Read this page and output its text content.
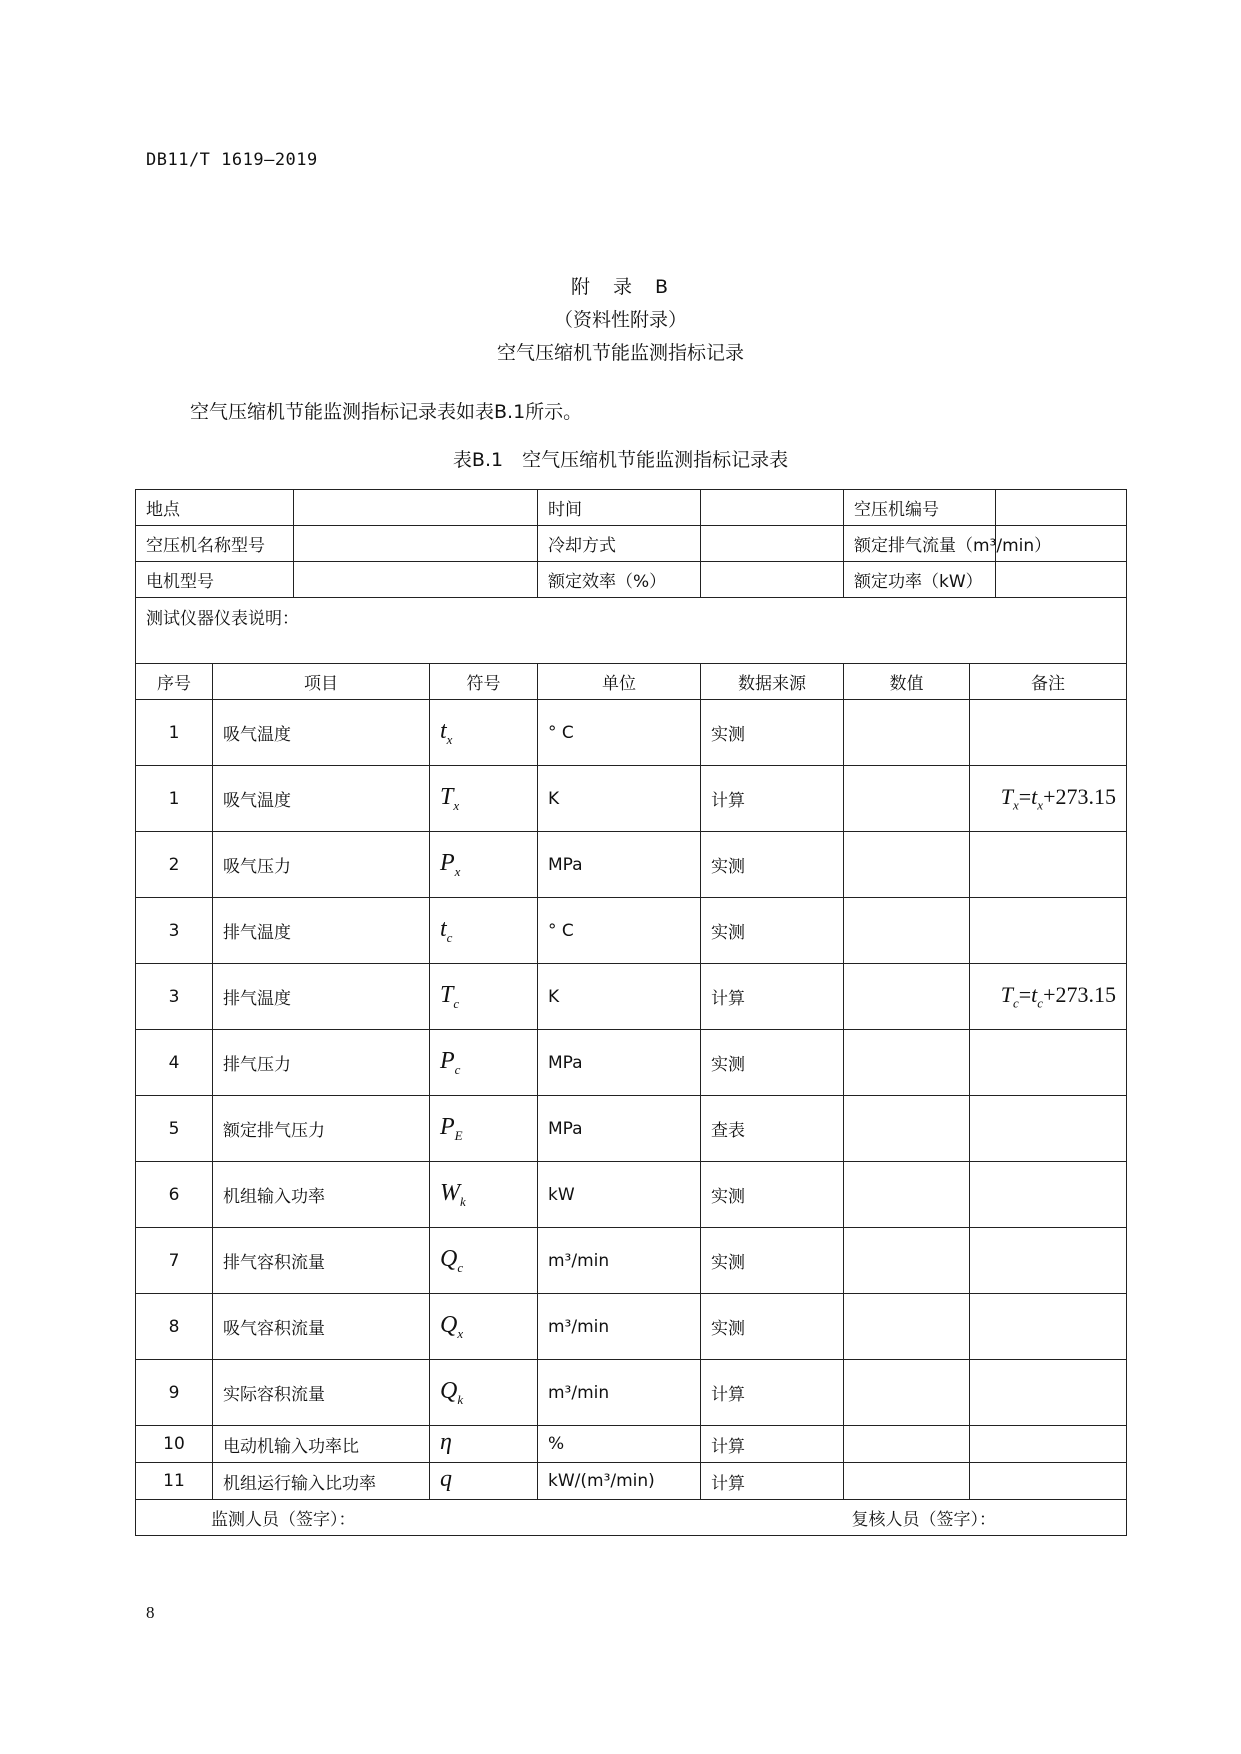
DB11/T 1619—2019
附　录　B
（资料性附录）
空气压缩机节能监测指标记录
空气压缩机节能监测指标记录表如表B.1所示。
表B.1　空气压缩机节能监测指标记录表
地点				时间		空压机编号		
空压机名称型号				冷却方式		额定排气流量（m³/min）		
电机型号				额定效率（%）		额定功率（kW）		
测试仪器仪表说明：								
序号	项目		符号	单位	数据来源	数值	备注	
1	吸气温度		$t_x$	° C	实测			
1	吸气温度		$T_x$	K	计算		$T_x=t_x+273.15$	
2	吸气压力		$P_x$	MPa	实测			
3	排气温度		$t_c$	° C	实测			
3	排气温度		$T_c$	K	计算		$T_c=t_c+273.15$	
4	排气压力		$P_c$	MPa	实测			
5	额定排气压力		$P_E$	MPa	查表			
6	机组输入功率		$W_k$	kW	实测			
7	排气容积流量		$Q_c$	m³/min	实测			
8	吸气容积流量		$Q_x$	m³/min	实测			
9	实际容积流量		$Q_k$	m³/min	计算			
10	电动机输入功率比		η	%	计算			
11	机组运行输入比功率		q	kW/(m³/min)	计算			
监测人员（签字）： 复核人员（签字）：								
8
